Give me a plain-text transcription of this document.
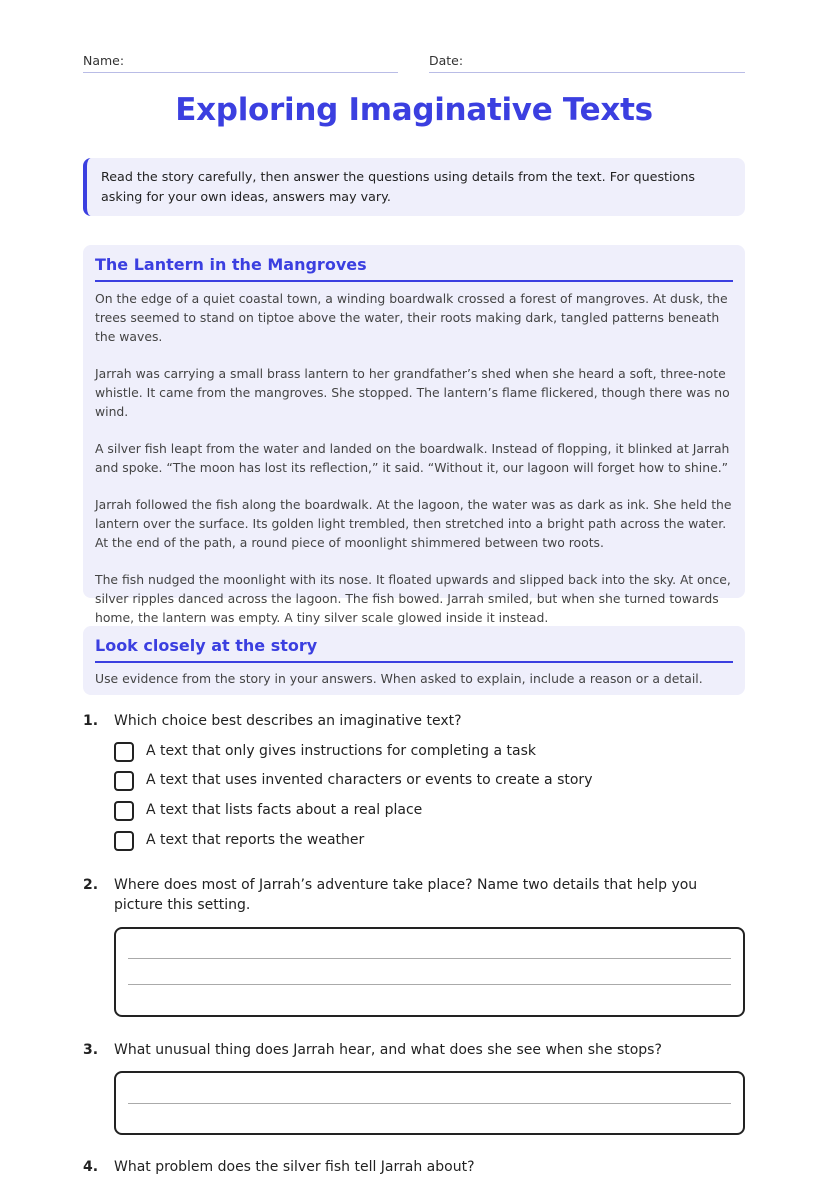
Name:	Date:
Exploring Imaginative Texts
Read the story carefully, then answer the questions using details from the text. For questions asking for your own ideas, answers may vary.
The Lantern in the Mangroves

On the edge of a quiet coastal town, a winding boardwalk crossed a forest of mangroves. At dusk, the trees seemed to stand on tiptoe above the water, their roots making dark, tangled patterns beneath the waves.

Jarrah was carrying a small brass lantern to her grandfather’s shed when she heard a soft, three-note whistle. It came from the mangroves. She stopped. The lantern’s flame flickered, though there was no wind.

A silver fish leapt from the water and landed on the boardwalk. Instead of flopping, it blinked at Jarrah and spoke. “The moon has lost its reflection,” it said. “Without it, our lagoon will forget how to shine.”

Jarrah followed the fish along the boardwalk. At the lagoon, the water was as dark as ink. She held the lantern over the surface. Its golden light trembled, then stretched into a bright path across the water. At the end of the path, a round piece of moonlight shimmered between two roots.

The fish nudged the moonlight with its nose. It floated upwards and slipped back into the sky. At once, silver ripples danced across the lagoon. The fish bowed. Jarrah smiled, but when she turned towards home, the lantern was empty. A tiny silver scale glowed inside it instead.

Look closely at the story
Use evidence from the story in your answers. When asked to explain, include a reason or a detail.
1. Which choice best describes an imaginative text?
A text that only gives instructions for completing a task
A text that uses invented characters or events to create a story
A text that lists facts about a real place
A text that reports the weather
2. Where does most of Jarrah’s adventure take place? Name two details that help you picture this setting.
3. What unusual thing does Jarrah hear, and what does she see when she stops?
4. What problem does the silver fish tell Jarrah about?
